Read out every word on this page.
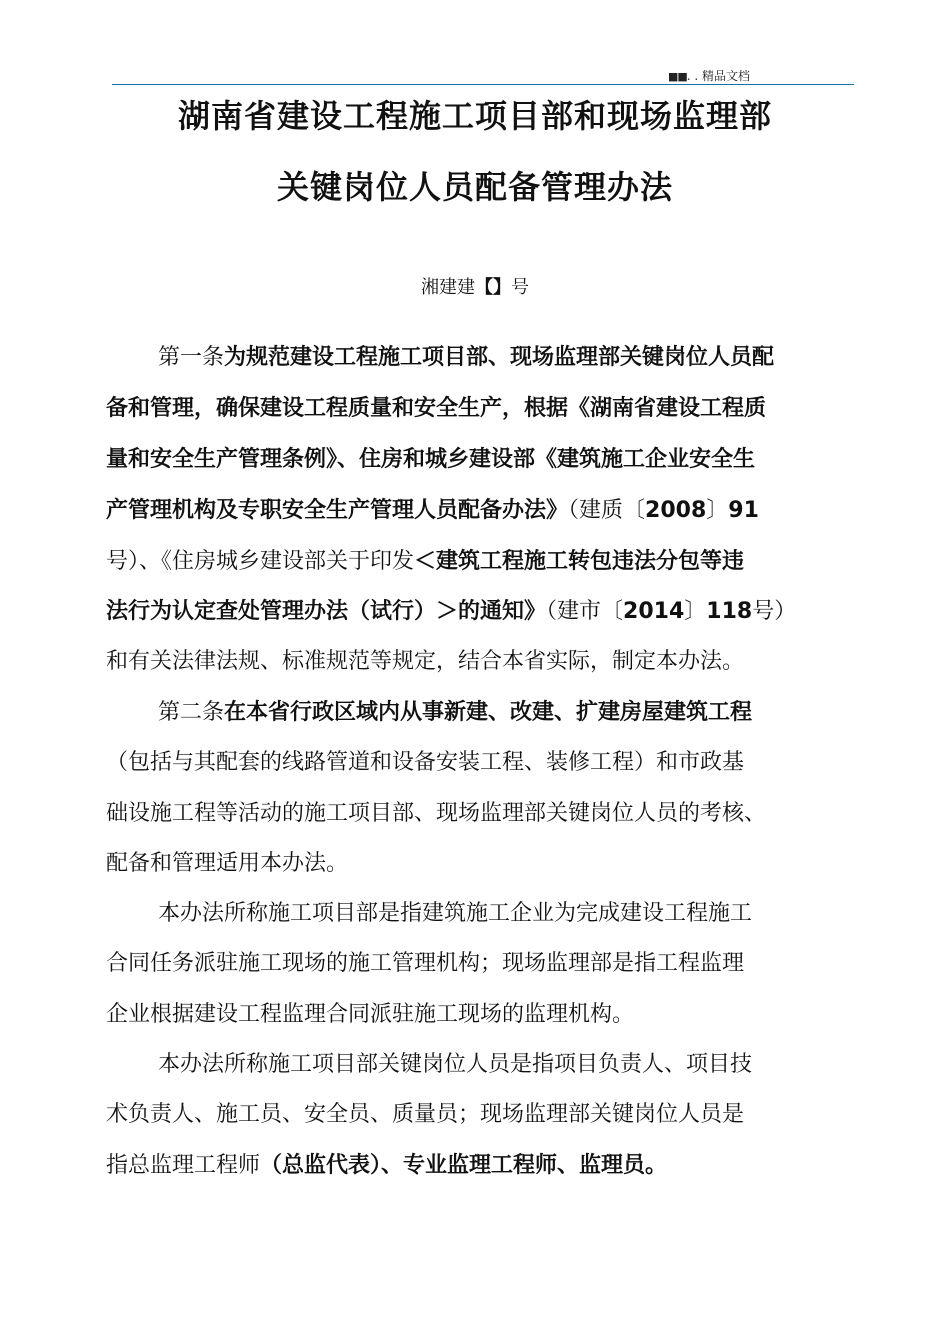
■■. . 精品文档
湖南省建设工程施工项目部和现场监理部
关键岗位人员配备管理办法
湘建建【】号
第一条为规范建设工程施工项目部、现场监理部关键岗位人员配
备和管理，确保建设工程质量和安全生产，根据《湖南省建设工程质
量和安全生产管理条例》、住房和城乡建设部《建筑施工企业安全生
产管理机构及专职安全生产管理人员配备办法》（建质〔2008〕91
号）、《住房城乡建设部关于印发＜建筑工程施工转包违法分包等违
法行为认定查处管理办法（试行）＞的通知》（建市〔2014〕118号）
和有关法律法规、标准规范等规定，结合本省实际，制定本办法。
第二条在本省行政区域内从事新建、改建、扩建房屋建筑工程
（包括与其配套的线路管道和设备安装工程、装修工程）和市政基
础设施工程等活动的施工项目部、现场监理部关键岗位人员的考核、
配备和管理适用本办法。
本办法所称施工项目部是指建筑施工企业为完成建设工程施工
合同任务派驻施工现场的施工管理机构；现场监理部是指工程监理
企业根据建设工程监理合同派驻施工现场的监理机构。
本办法所称施工项目部关键岗位人员是指项目负责人、项目技
术负责人、施工员、安全员、质量员；现场监理部关键岗位人员是
指总监理工程师（总监代表）、专业监理工程师、监理员。
